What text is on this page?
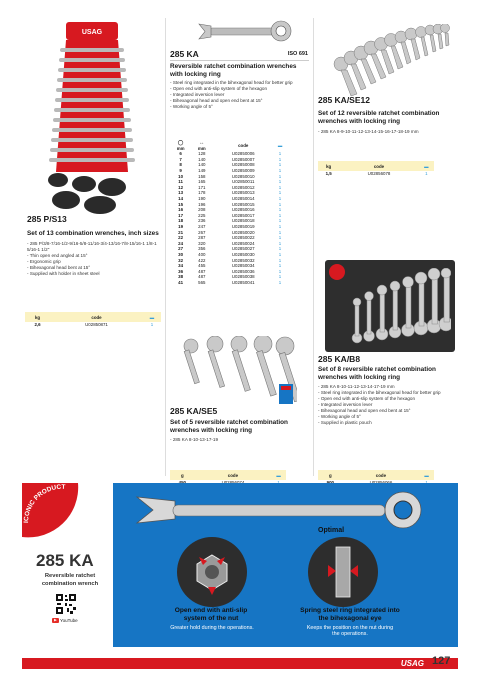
USAG
285 P/S13
Set of 13 combination wrenches, inch sizes
- 285 P/3/8-7/16-1/2-9/16-5/8-11/16-3/4-13/16-7/8-15/16-1 1/8-1 5/16-1 1/2"
- Thin open end angled at 15°
- Ergonomic grip
- Bihexagonal head bent at 15°
- Supplied with holder in sheet steel
kg	code	▬
2,6	U02850871	1
285 KA	ISO 691
Reversible ratchet combination wrenches with locking ring
- Steel ring integrated in the bihexagonal head for better grip
- Open end with anti-slip system of the hexagon
- Integrated inversion lever
- Bihexagonal head and open end bent at 15°
- Working angle of 5°
◯
mm	↔
mm	code	▬
6	128	U02850006	1
7	140	U02850007	1
8	140	U02850008	1
9	149	U02850009	1
10	158	U02850010	1
11	165	U02850011	1
12	171	U02850012	1
13	178	U02850013	1
14	190	U02850014	1
15	196	U02850015	1
16	208	U02850016	1
17	225	U02850017	1
18	236	U02850018	1
19	247	U02850019	1
21	267	U02850020	1
22	287	U02850022	1
24	320	U02850024	1
27	356	U02850027	1
30	400	U02850030	1
32	422	U02850032	1
34	455	U02850034	1
36	487	U02850036	1
38	487	U02850038	1
41	565	U02850041	1
285 KA/SE5
Set of 5 reversible ratchet combination wrenches with locking ring
- 285 KA 8-10-13-17-19
g	code	▬

285 KA/SE12
Set of 12 reversible ratchet combination wrenches with locking ring
- 285 KA 8-9-10-11-12-13-14-15-16-17-18-19 mm
kg	code	▬
1,5	U02856078	1
285 KA/B8
Set of 8 reversible ratchet combination wrenches with locking ring
- 285 KA 8-10-11-12-13-14-17-19 mm
- Steel ring integrated in the bihexagonal head for better grip
- Open end with anti-slip system of the hexagon
- Integrated inversion lever
- Bihexagonal head and open end bent at 15°
- Working angle of 5°
- Supplied in plastic pouch
g	code	▬

ICONIC PRODUCT
285 KA
Reversible ratchet combination wrench
▶ YouTube
Optimal
Open end with anti-slip system of the nut
Greater hold during the operations.
Spring steel ring integrated into the bihexagonal eye
Keeps the position on the nut during the operations.
USAG 127
